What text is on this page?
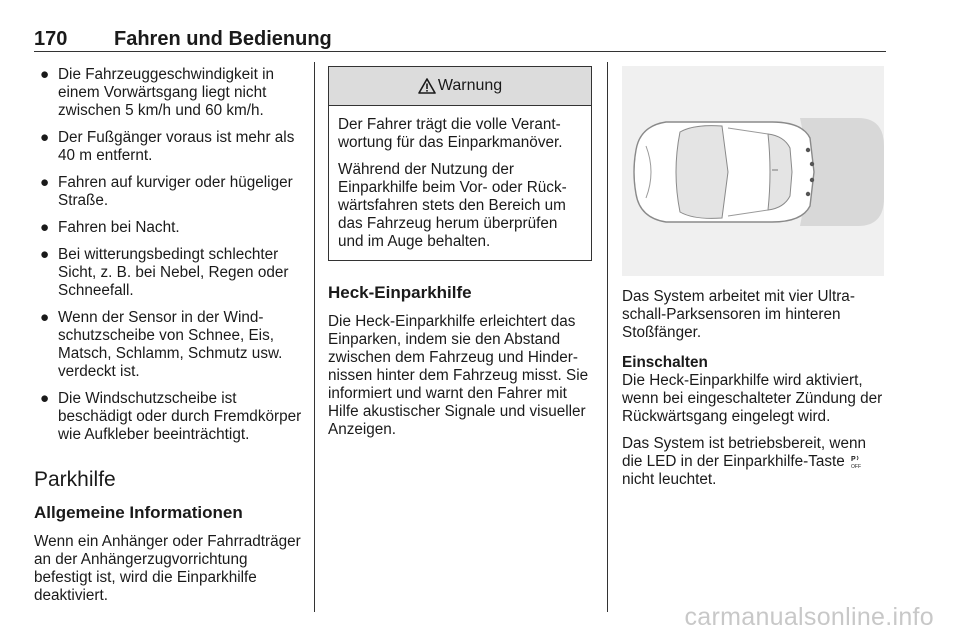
170 Fahren und Bedienung
● Die Fahrzeuggeschwindigkeit in einem Vorwärtsgang liegt nicht zwischen 5 km/h und 60 km/h.
● Der Fußgänger voraus ist mehr als 40 m entfernt.
● Fahren auf kurviger oder hügeliger Straße.
● Fahren bei Nacht.
● Bei witterungsbedingt schlechter Sicht, z. B. bei Nebel, Regen oder Schneefall.
● Wenn der Sensor in der Windschutzscheibe von Schnee, Eis, Matsch, Schlamm, Schmutz usw. verdeckt ist.
● Die Windschutzscheibe ist beschädigt oder durch Fremdkörper wie Aufkleber beeinträchtigt.
Parkhilfe
Allgemeine Informationen

Wenn ein Anhänger oder Fahrradträger an der Anhängerzugvorrichtung befestigt ist, wird die Einparkhilfe deaktiviert.

Warnung

Der Fahrer trägt die volle Verantwortung für das Einparkmanöver.

Während der Nutzung der Einparkhilfe beim Vor- oder Rückwärtsfahren stets den Bereich um das Fahrzeug herum überprüfen und im Auge behalten.

Heck-Einparkhilfe

Die Heck-Einparkhilfe erleichtert das Einparken, indem sie den Abstand zwischen dem Fahrzeug und Hindernissen hinter dem Fahrzeug misst. Sie informiert und warnt den Fahrer mit Hilfe akustischer Signale und visueller Anzeigen.

Das System arbeitet mit vier Ultraschall-Parksensoren im hinteren Stoßfänger.

Einschalten

Die Heck-Einparkhilfe wird aktiviert, wenn bei eingeschalteter Zündung der Rückwärtsgang eingelegt wird.

Das System ist betriebsbereit, wenn die LED in der Einparkhilfe-Taste P
OFF

nicht leuchtet.

carmanualsonline.info
